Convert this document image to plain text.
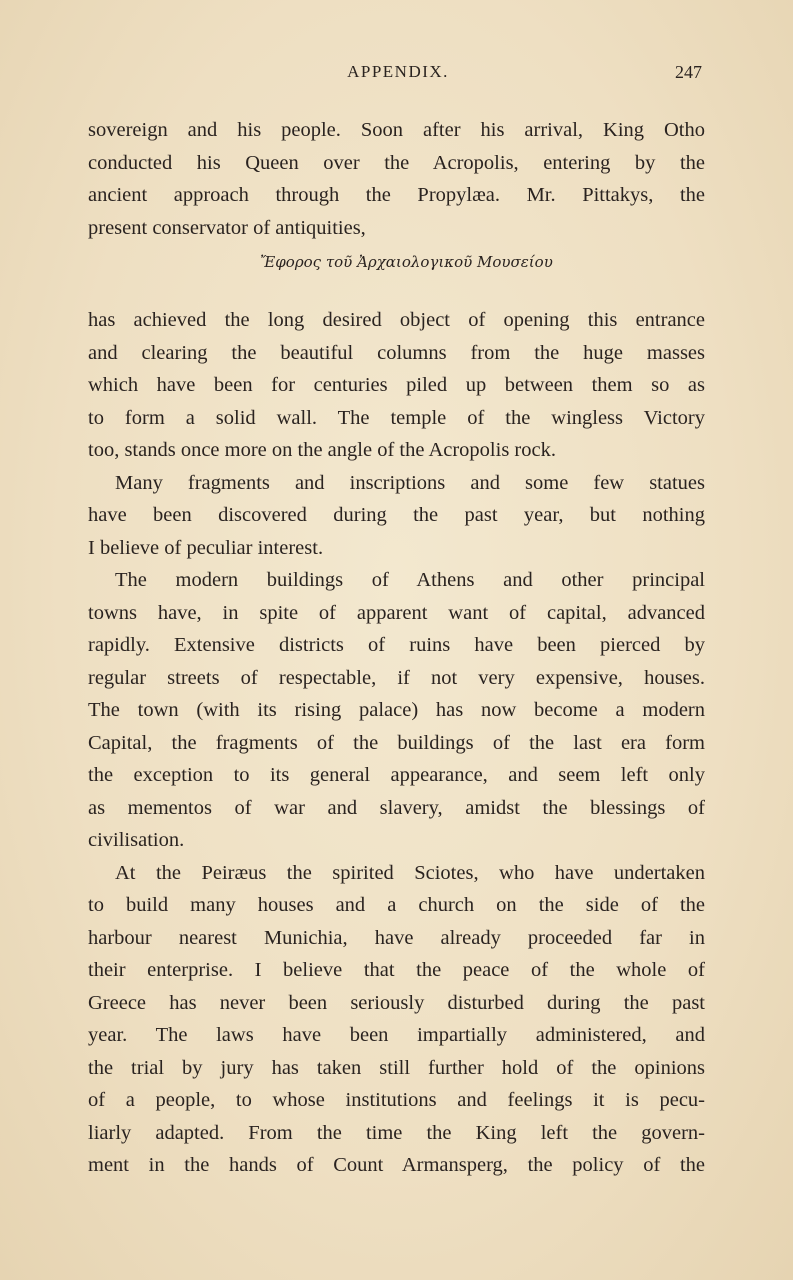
APPENDIX.	247
sovereign and his people. Soon after his arrival, King Otho
conducted his Queen over the Acropolis, entering by the
ancient approach through the Propylæa. Mr. Pittakys, the
present conservator of antiquities,
Ἔφορος τοῦ Ἀρχαιολογικοῦ Μουσείου
has achieved the long desired object of opening this entrance
and clearing the beautiful columns from the huge masses
which have been for centuries piled up between them so as
to form a solid wall. The temple of the wingless Victory
too, stands once more on the angle of the Acropolis rock.
Many fragments and inscriptions and some few statues
have been discovered during the past year, but nothing
I believe of peculiar interest.
The modern buildings of Athens and other principal
towns have, in spite of apparent want of capital, advanced
rapidly. Extensive districts of ruins have been pierced by
regular streets of respectable, if not very expensive, houses.
The town (with its rising palace) has now become a modern
Capital, the fragments of the buildings of the last era form
the exception to its general appearance, and seem left only
as mementos of war and slavery, amidst the blessings of
civilisation.
At the Peiræus the spirited Sciotes, who have undertaken
to build many houses and a church on the side of the
harbour nearest Munichia, have already proceeded far in
their enterprise. I believe that the peace of the whole of
Greece has never been seriously disturbed during the past
year. The laws have been impartially administered, and
the trial by jury has taken still further hold of the opinions
of a people, to whose institutions and feelings it is pecu-
liarly adapted. From the time the King left the govern-
ment in the hands of Count Armansperg, the policy of the
